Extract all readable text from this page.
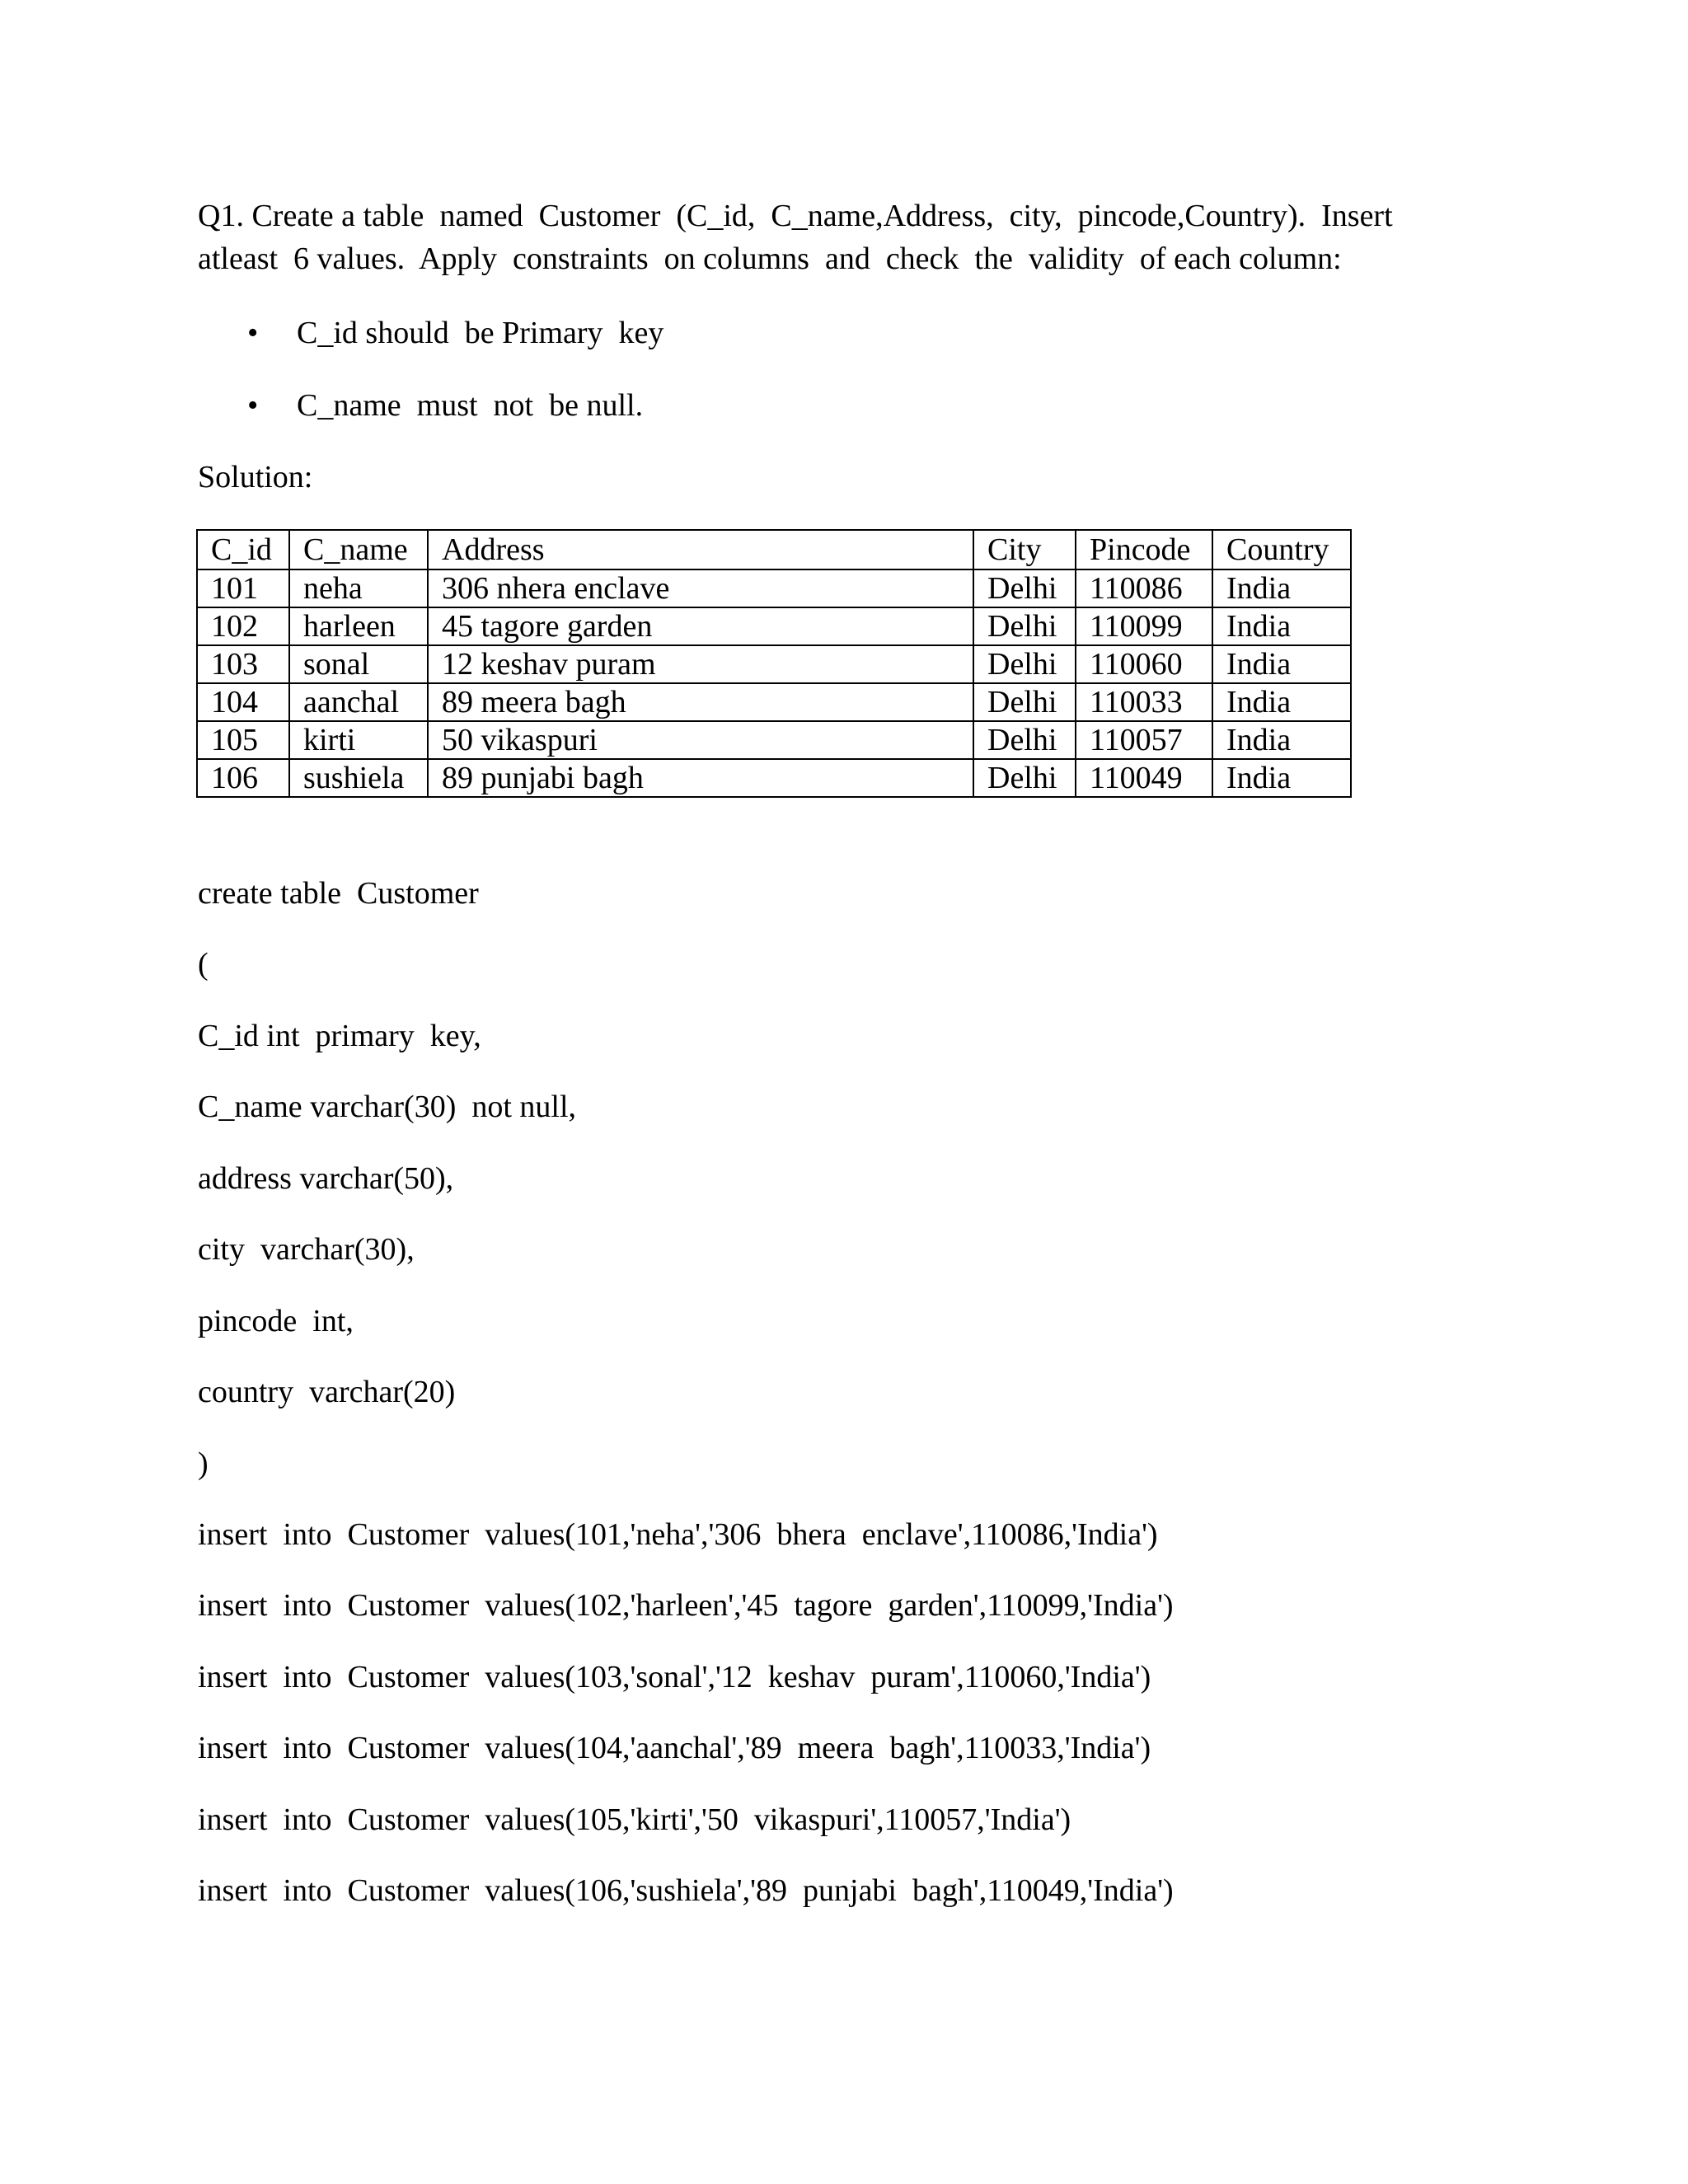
Q1. Create a table  named  Customer  (C_id,  C_name,Address,  city,  pincode,Country).  Insert
atleast  6 values.  Apply  constraints  on columns  and  check  the  validity  of each column:

•

C_id should  be Primary  key

•

C_name  must  not  be null.

Solution:
C_id	C_name	Address	City	Pincode	Country
101	neha	306 nhera enclave	Delhi	110086	India
102	harleen	45 tagore garden	Delhi	110099	India
103	sonal	12 keshav puram	Delhi	110060	India
104	aanchal	89 meera bagh	Delhi	110033	India
105	kirti	50 vikaspuri	Delhi	110057	India
106	sushiela	89 punjabi bagh	Delhi	110049	India
create table  Customer
(
C_id int  primary  key,
C_name varchar(30)  not null,
address varchar(50),
city  varchar(30),
pincode  int,
country  varchar(20)
)
insert  into  Customer  values(101,'neha','306  bhera  enclave',110086,'India')
insert  into  Customer  values(102,'harleen','45  tagore  garden',110099,'India')
insert  into  Customer  values(103,'sonal','12  keshav  puram',110060,'India')
insert  into  Customer  values(104,'aanchal','89  meera  bagh',110033,'India')
insert  into  Customer  values(105,'kirti','50  vikaspuri',110057,'India')
insert  into  Customer  values(106,'sushiela','89  punjabi  bagh',110049,'India')
